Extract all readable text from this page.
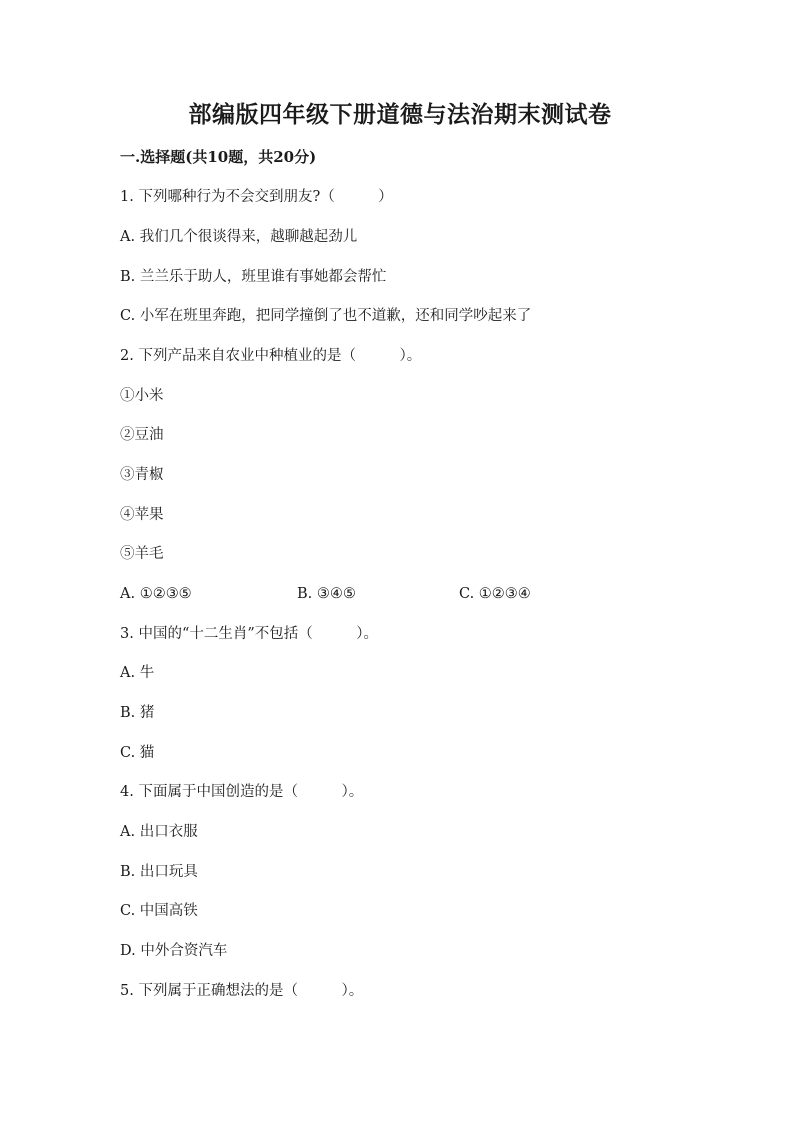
部编版四年级下册道德与法治期末测试卷

一.选择题(共10题，共20分)

1. 下列哪种行为不会交到朋友?（　　　）

A. 我们几个很谈得来，越聊越起劲儿

B. 兰兰乐于助人，班里谁有事她都会帮忙

C. 小军在班里奔跑，把同学撞倒了也不道歉，还和同学吵起来了

2. 下列产品来自农业中种植业的是（　　　）。

①小米

②豆油

③青椒

④苹果

⑤羊毛

A. ①②③⑤	B. ③④⑤	C. ①②③④

3. 中国的“十二生肖”不包括（　　　）。

A. 牛

B. 猪

C. 猫

4. 下面属于中国创造的是（　　　）。

A. 出口衣服

B. 出口玩具

C. 中国高铁

D. 中外合资汽车

5. 下列属于正确想法的是（　　　）。
